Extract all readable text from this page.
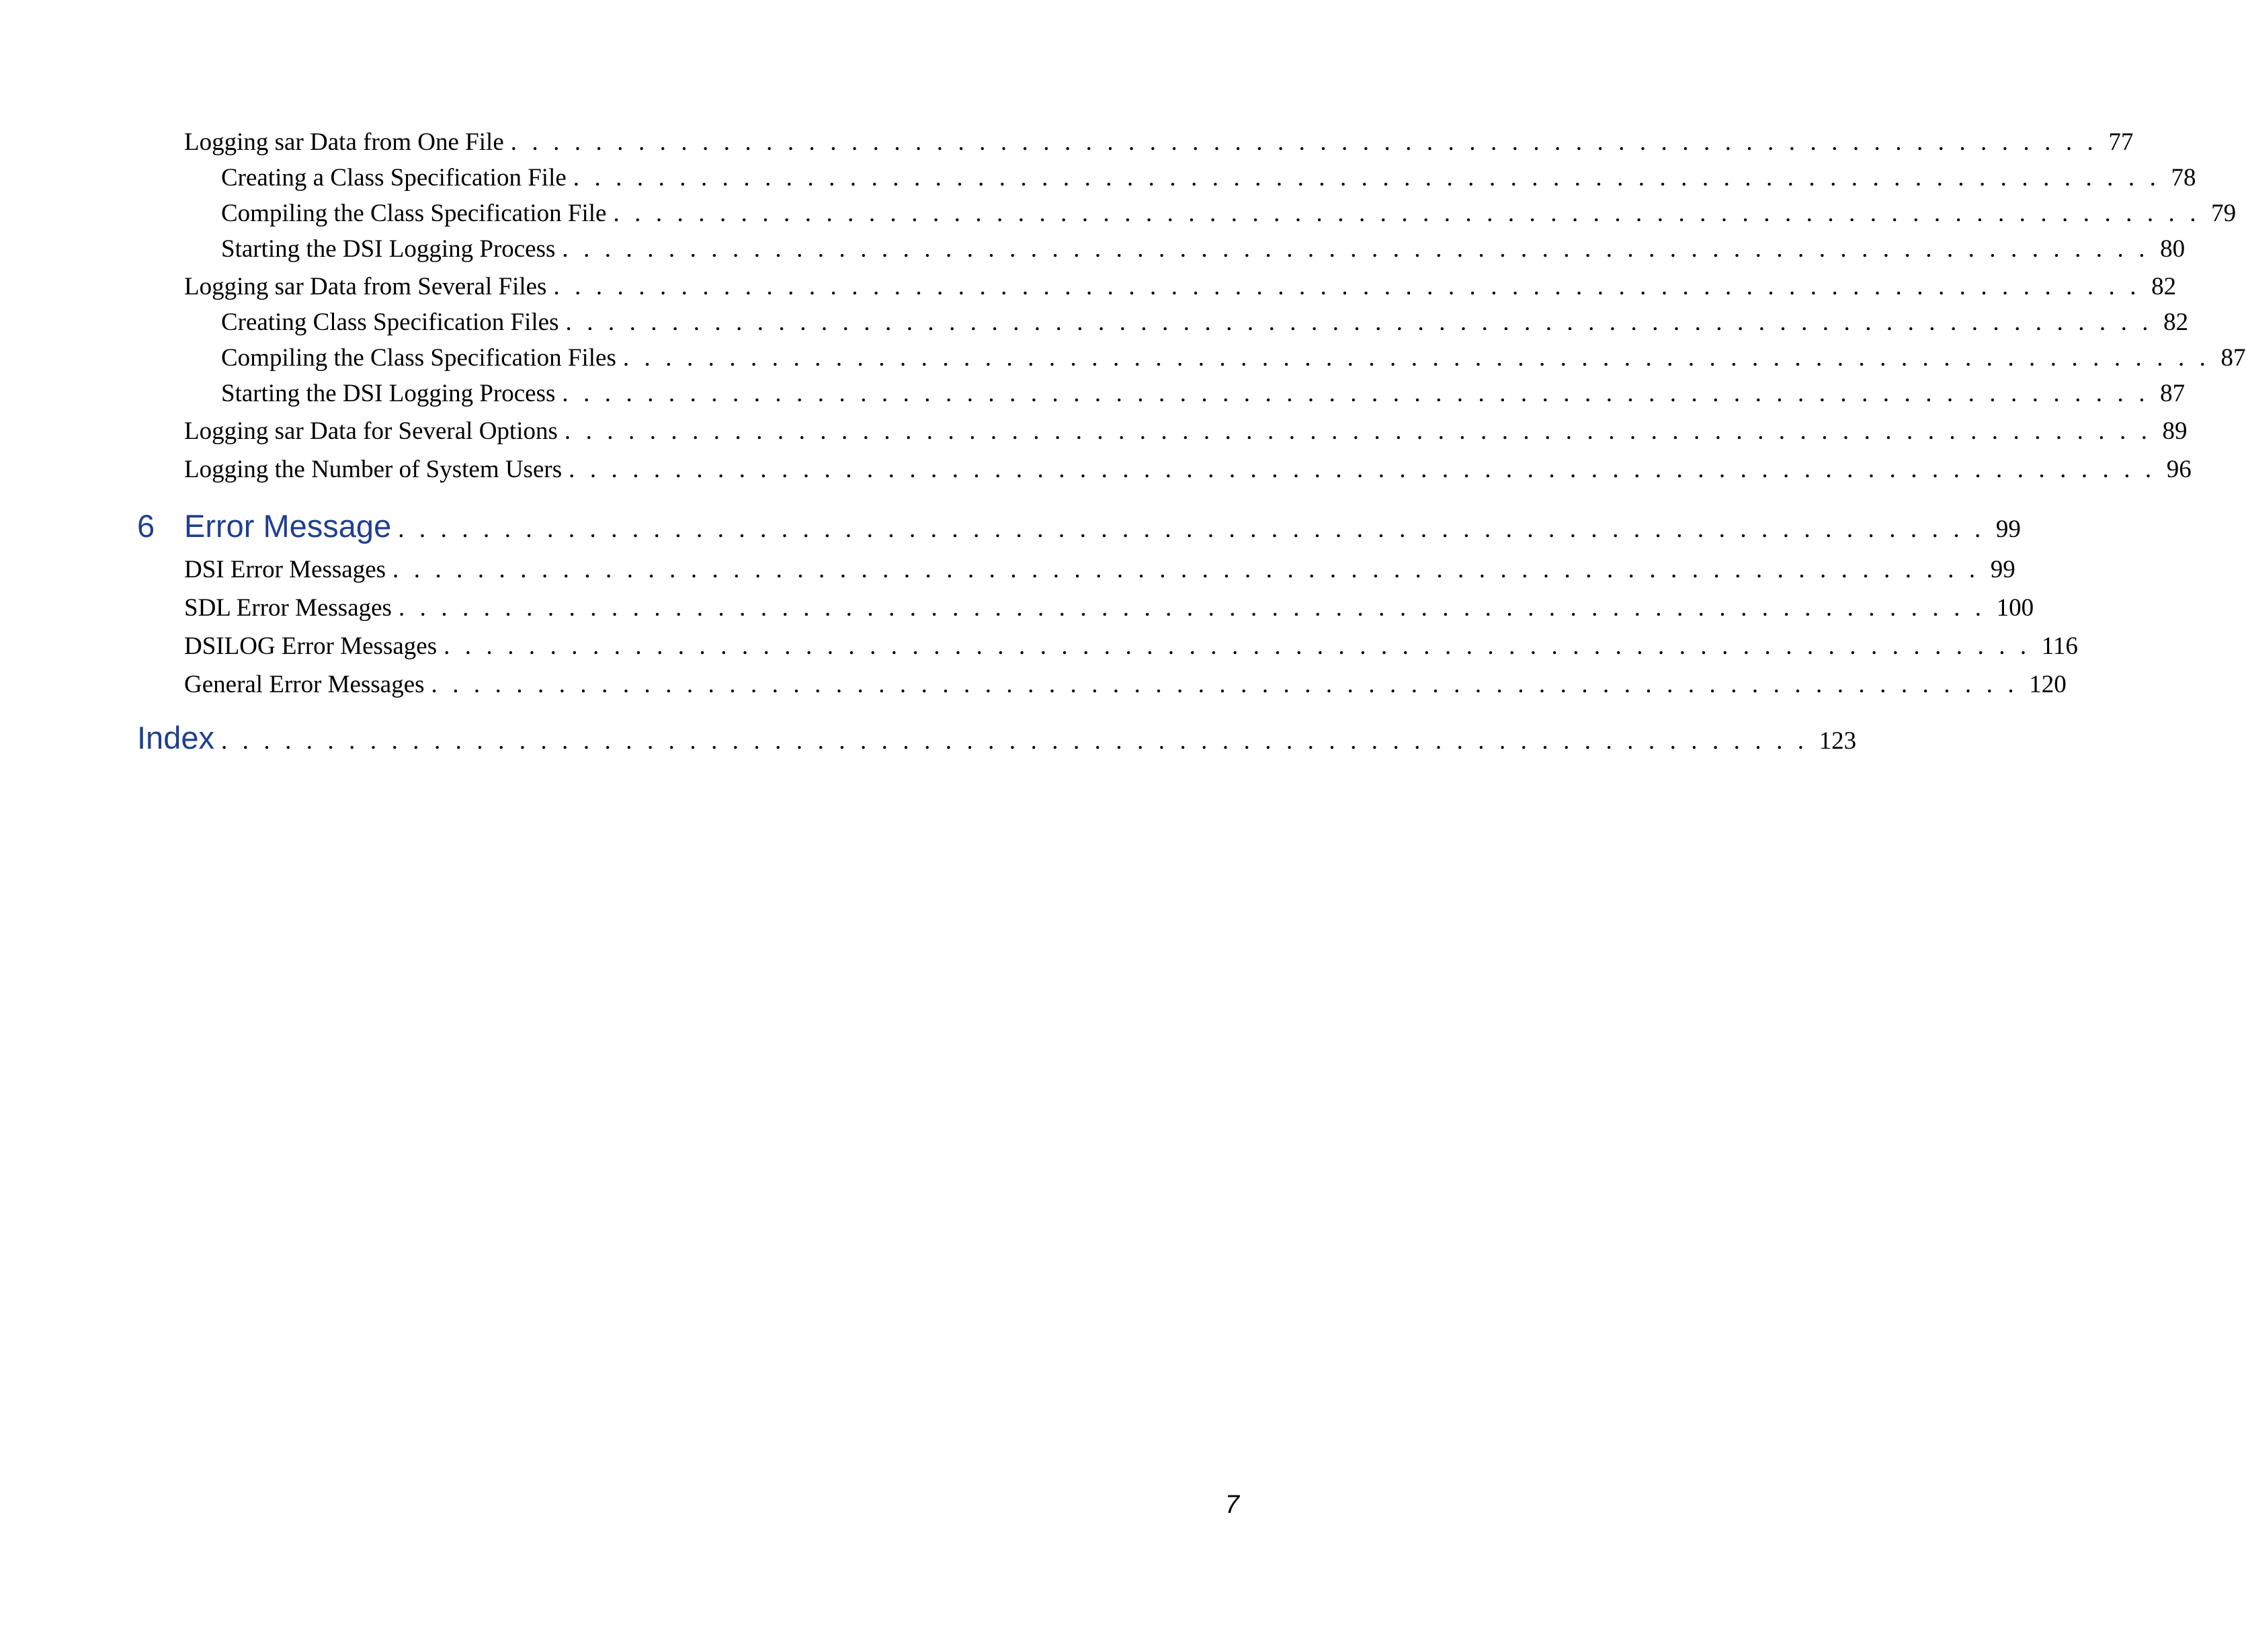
Logging sar Data from One File . . . . . . . . . . . . . . . . . . . . . . . . . . . . . . . . . . . . . . . . . . . . . . . . . . . . . . . . . . . . . . . . . . . . . . . . . . . 77
Creating a Class Specification File . . . . . . . . . . . . . . . . . . . . . . . . . . . . . . . . . . . . . . . . . . . . . . . . . . . . . . . . . . . . . . . . . . . . . . . . . . . 78
Compiling the Class Specification File . . . . . . . . . . . . . . . . . . . . . . . . . . . . . . . . . . . . . . . . . . . . . . . . . . . . . . . . . . . . . . . . . . . . . . . . . . . 79
Starting the DSI Logging Process . . . . . . . . . . . . . . . . . . . . . . . . . . . . . . . . . . . . . . . . . . . . . . . . . . . . . . . . . . . . . . . . . . . . . . . . . . . 80
Logging sar Data from Several Files . . . . . . . . . . . . . . . . . . . . . . . . . . . . . . . . . . . . . . . . . . . . . . . . . . . . . . . . . . . . . . . . . . . . . . . . . . . 82
Creating Class Specification Files . . . . . . . . . . . . . . . . . . . . . . . . . . . . . . . . . . . . . . . . . . . . . . . . . . . . . . . . . . . . . . . . . . . . . . . . . . . 82
Compiling the Class Specification Files . . . . . . . . . . . . . . . . . . . . . . . . . . . . . . . . . . . . . . . . . . . . . . . . . . . . . . . . . . . . . . . . . . . . . . . . . . . 87
Starting the DSI Logging Process . . . . . . . . . . . . . . . . . . . . . . . . . . . . . . . . . . . . . . . . . . . . . . . . . . . . . . . . . . . . . . . . . . . . . . . . . . . 87
Logging sar Data for Several Options . . . . . . . . . . . . . . . . . . . . . . . . . . . . . . . . . . . . . . . . . . . . . . . . . . . . . . . . . . . . . . . . . . . . . . . . . . . 89
Logging the Number of System Users . . . . . . . . . . . . . . . . . . . . . . . . . . . . . . . . . . . . . . . . . . . . . . . . . . . . . . . . . . . . . . . . . . . . . . . . . . . 96
6 Error Message . . . . . . . . . . . . . . . . . . . . . . . . . . . . . . . . . . . . . . . . . . . . . . . . . . . . . . . . . . . . . . . . . . . . . . . . . . . 99
DSI Error Messages . . . . . . . . . . . . . . . . . . . . . . . . . . . . . . . . . . . . . . . . . . . . . . . . . . . . . . . . . . . . . . . . . . . . . . . . . . . 99
SDL Error Messages . . . . . . . . . . . . . . . . . . . . . . . . . . . . . . . . . . . . . . . . . . . . . . . . . . . . . . . . . . . . . . . . . . . . . . . . . . . 100
DSILOG Error Messages . . . . . . . . . . . . . . . . . . . . . . . . . . . . . . . . . . . . . . . . . . . . . . . . . . . . . . . . . . . . . . . . . . . . . . . . . . . 116
General Error Messages . . . . . . . . . . . . . . . . . . . . . . . . . . . . . . . . . . . . . . . . . . . . . . . . . . . . . . . . . . . . . . . . . . . . . . . . . . . 120
Index . . . . . . . . . . . . . . . . . . . . . . . . . . . . . . . . . . . . . . . . . . . . . . . . . . . . . . . . . . . . . . . . . . . . . . . . . . . 123
7
